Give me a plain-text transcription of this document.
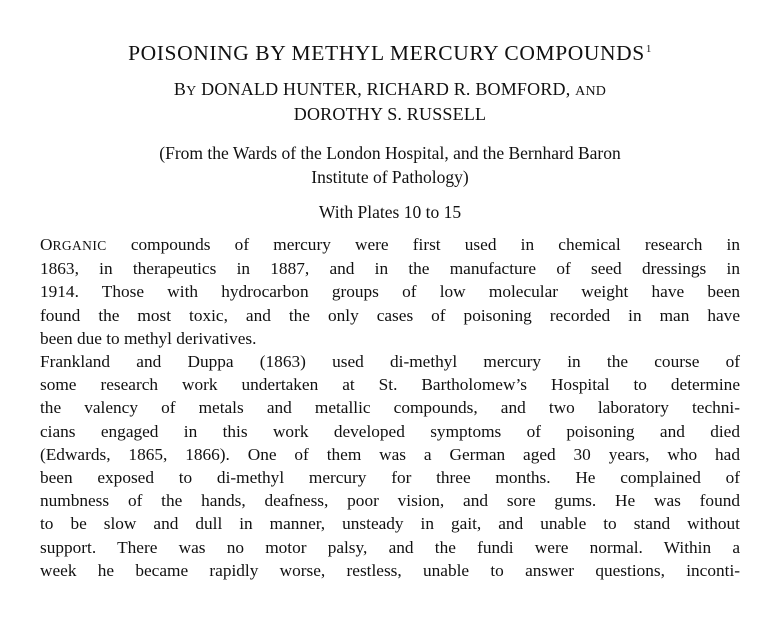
POISONING BY METHYL MERCURY COMPOUNDS$^1$
BY DONALD HUNTER, RICHARD R. BOMFORD, AND
DOROTHY S. RUSSELL
(From the Wards of the London Hospital, and the Bernhard Baron
Institute of Pathology)
With Plates 10 to 15
ORGANIC compounds of mercury were first used in chemical research in
1863, in therapeutics in 1887, and in the manufacture of seed dressings in
1914. Those with hydrocarbon groups of low molecular weight have been
found the most toxic, and the only cases of poisoning recorded in man have
been due to methyl derivatives.
Frankland and Duppa (1863) used di-methyl mercury in the course of
some research work undertaken at St. Bartholomew’s Hospital to determine
the valency of metals and metallic compounds, and two laboratory techni-
cians engaged in this work developed symptoms of poisoning and died
(Edwards, 1865, 1866). One of them was a German aged 30 years, who had
been exposed to di-methyl mercury for three months. He complained of
numbness of the hands, deafness, poor vision, and sore gums. He was found
to be slow and dull in manner, unsteady in gait, and unable to stand without
support. There was no motor palsy, and the fundi were normal. Within a
week he became rapidly worse, restless, unable to answer questions, inconti-
